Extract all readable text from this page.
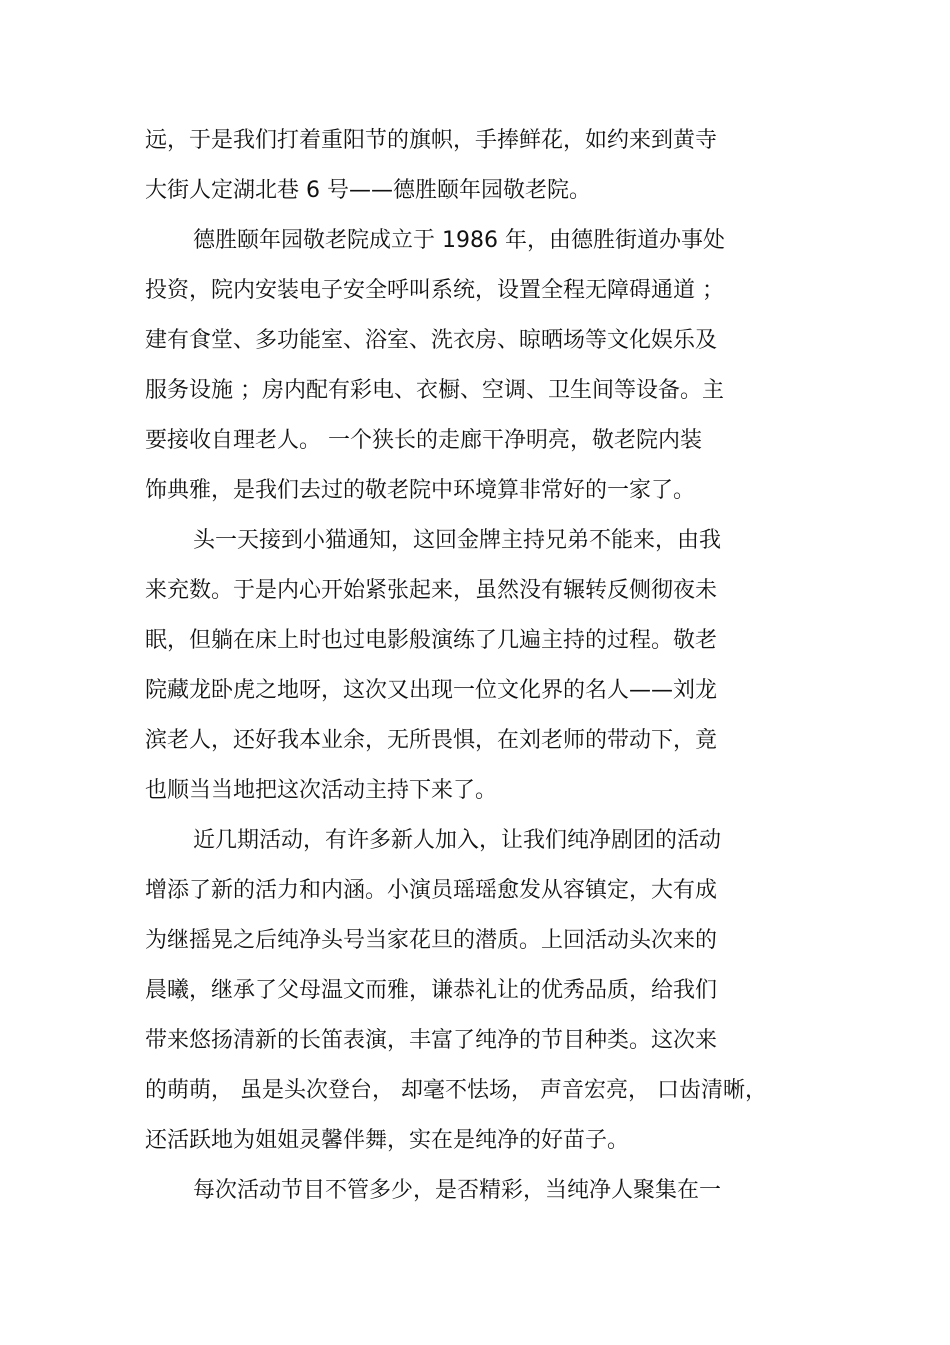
远，于是我们打着重阳节的旗帜，手捧鲜花，如约来到黄寺
大街人定湖北巷 6 号——德胜颐年园敬老院。
德胜颐年园敬老院成立于 1986 年，由德胜街道办事处
投资，院内安装电子安全呼叫系统，设置全程无障碍通道 ；
建有食堂、多功能室、浴室、洗衣房、晾晒场等文化娱乐及
服务设施 ；房内配有彩电、衣橱、空调、卫生间等设备。主
要接收自理老人。 一个狭长的走廊干净明亮，敬老院内装
饰典雅，是我们去过的敬老院中环境算非常好的一家了。
头一天接到小猫通知，这回金牌主持兄弟不能来，由我
来充数。于是内心开始紧张起来，虽然没有辗转反侧彻夜未
眠，但躺在床上时也过电影般演练了几遍主持的过程。敬老
院藏龙卧虎之地呀，这次又出现一位文化界的名人——刘龙
滨老人，还好我本业余，无所畏惧，在刘老师的带动下，竟
也顺当当地把这次活动主持下来了。
近几期活动，有许多新人加入，让我们纯净剧团的活动
增添了新的活力和内涵。小演员瑶瑶愈发从容镇定，大有成
为继摇晃之后纯净头号当家花旦的潜质。上回活动头次来的
晨曦，继承了父母温文而雅，谦恭礼让的优秀品质，给我们
带来悠扬清新的长笛表演，丰富了纯净的节目种类。这次来
的萌萌， 虽是头次登台， 却毫不怯场， 声音宏亮， 口齿清晰，
还活跃地为姐姐灵馨伴舞，实在是纯净的好苗子。
每次活动节目不管多少，是否精彩，当纯净人聚集在一
